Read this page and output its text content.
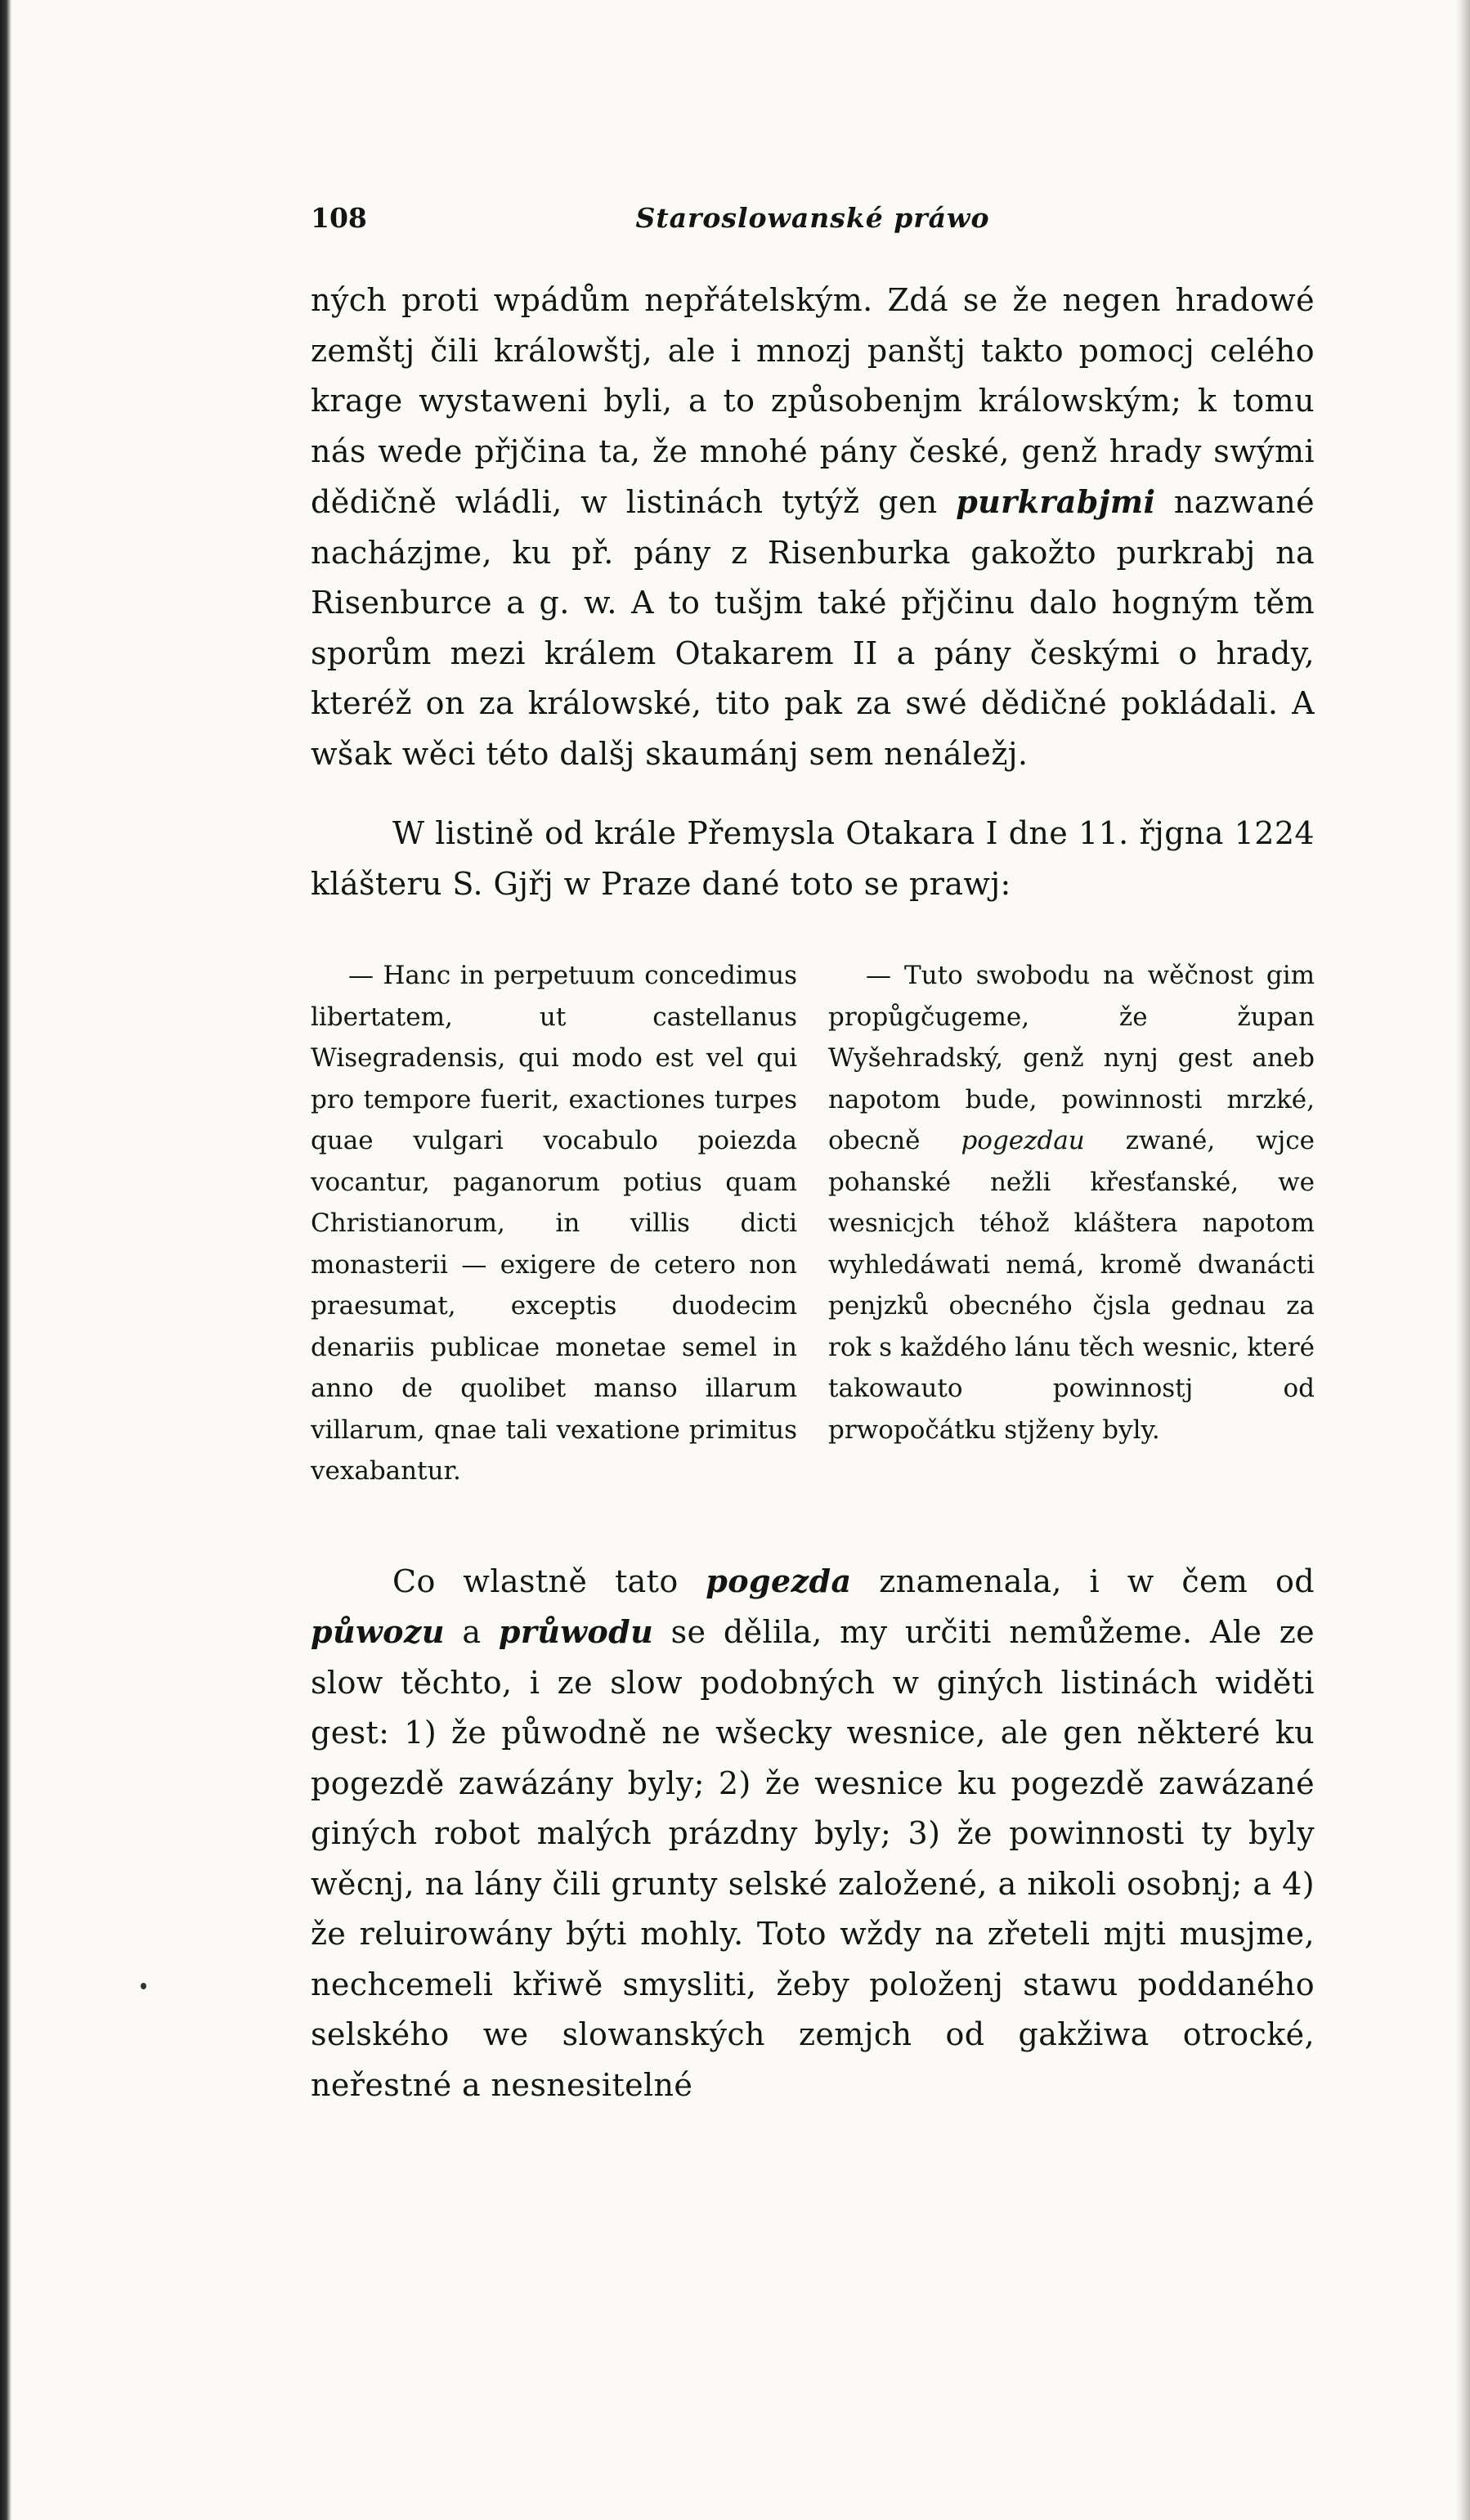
108	Staroslowanské práwo

ných proti wpádům nepřátelským. Zdá se že negen hradowé zemštj čili králowštj, ale i mnozj panštj takto pomocj celého krage wystaweni byli, a to způsobenjm králowským; k tomu nás wede přjčina ta, že mnohé pány české, genž hrady swými dědičně wládli, w listinách tytýž gen purkrabjmi nazwané nacházjme, ku př. pány z Risenburka gakožto purkrabj na Risenburce a g. w. A to tušjm také přjčinu dalo hogným těm sporům mezi králem Otakarem II a pány českými o hrady, kteréž on za králowské, tito pak za swé dědičné pokládali. A wšak wěci této dalšj skaumánj sem nenáležj.

W listině od krále Přemysla Otakara I dne 11. řjgna 1224 klášteru S. Gjřj w Praze dané toto se prawj:

— Hanc in perpetuum concedimus libertatem, ut castellanus Wisegradensis, qui modo est vel qui pro tempore fuerit, exactiones turpes quae vulgari vocabulo poiezda vocantur, paganorum potius quam Christianorum, in villis dicti monasterii — exigere de cetero non praesumat, exceptis duodecim denariis publicae monetae semel in anno de quolibet manso illarum villarum, qnae tali vexatione primitus vexabantur.

— Tuto swobodu na wěčnost gim propůgčugeme, že župan Wyšehradský, genž nynj gest aneb napotom bude, powinnosti mrzké, obecně pogezdau zwané, wjce pohanské nežli křesťanské, we wesnicjch téhož kláštera napotom wyhledáwati nemá, kromě dwanácti penjzků obecného čjsla gednau za rok s každého lánu těch wesnic, které takowauto powinnostj od prwopočátku stjženy byly.

Co wlastně tato pogezda znamenala, i w čem od půwozu a průwodu se dělila, my určiti nemůžeme. Ale ze slow těchto, i ze slow podobných w giných listinách widěti gest: 1) že půwodně ne wšecky wesnice, ale gen některé ku pogezdě zawázány byly; 2) že wesnice ku pogezdě zawázané giných robot malých prázdny byly; 3) že powinnosti ty byly wěcnj, na lány čili grunty selské založené, a nikoli osobnj; a 4) že reluirowány býti mohly. Toto wždy na zřeteli mjti musjme, nechcemeli křiwě smysliti, žeby položenj stawu poddaného selského we slowanských zemjch od gakžiwa otrocké, neřestné a nesnesitelné
